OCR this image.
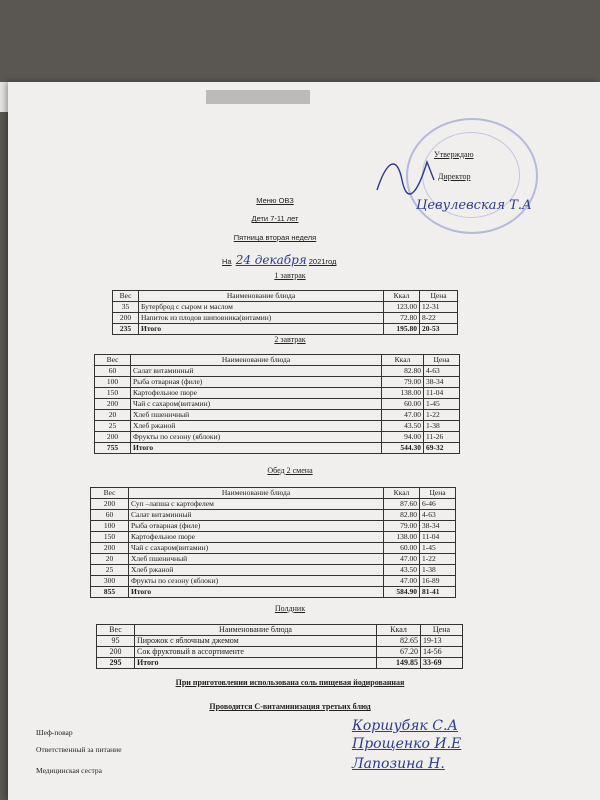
Утверждаю
Директор
Цевулевская Т.А
Меню ОВЗ
Дети 7-11 лет
Пятница вторая неделя
На 24 декабря 2021год
1 завтрак
Вес	Наименование блюда	Ккал	Цена
35	Бутерброд с сыром и маслом	123.00	12-31
200	Напиток из плодов шиповника(витамин)	72.80	8-22
235	Итого	195.80	20-53
2 завтрак
Вес	Наименование блюда	Ккал	Цена
60	Салат витаминный	82.80	4-63
100	Рыба отварная (филе)	79.00	38-34
150	Картофельное пюре	138.00	11-04
200	Чай с сахаром(витамин)	60.00	1-45
20	Хлеб пшеничный	47.00	1-22
25	Хлеб ржаной	43.50	1-38
200	Фрукты по сезону (яблоки)	94.00	11-26
755	Итого	544.30	69-32
Обед 2 смена
Вес	Наименование блюда	Ккал	Цена
200	Суп –лапша с картофелем	87.60	6-46
60	Салат витаминный	82.80	4-63
100	Рыба отварная (филе)	79.00	38-34
150	Картофельное пюре	138.00	11-04
200	Чай с сахаром(витамин)	60.00	1-45
20	Хлеб пшеничный	47.00	1-22
25	Хлеб ржаной	43.50	1-38
300	Фрукты по сезону (яблоки)	47.00	16-89
855	Итого	584.90	81-41
Полдник
Вес	Наименование блюда	Ккал	Цена
95	Пирожок с яблочным джемом	82.65	19-13
200	Сок фруктовый в ассортименте	67.20	14-56
295	Итого	149.85	33-69
При приготовлении использована соль пищевая йодированная
Проводится С-витаминизация третьих блюд
Шеф-повар	Коршубяк С.А
Ответственный за питание	Прощенко И.Е
Медицинская сестра	Лапозина Н.
